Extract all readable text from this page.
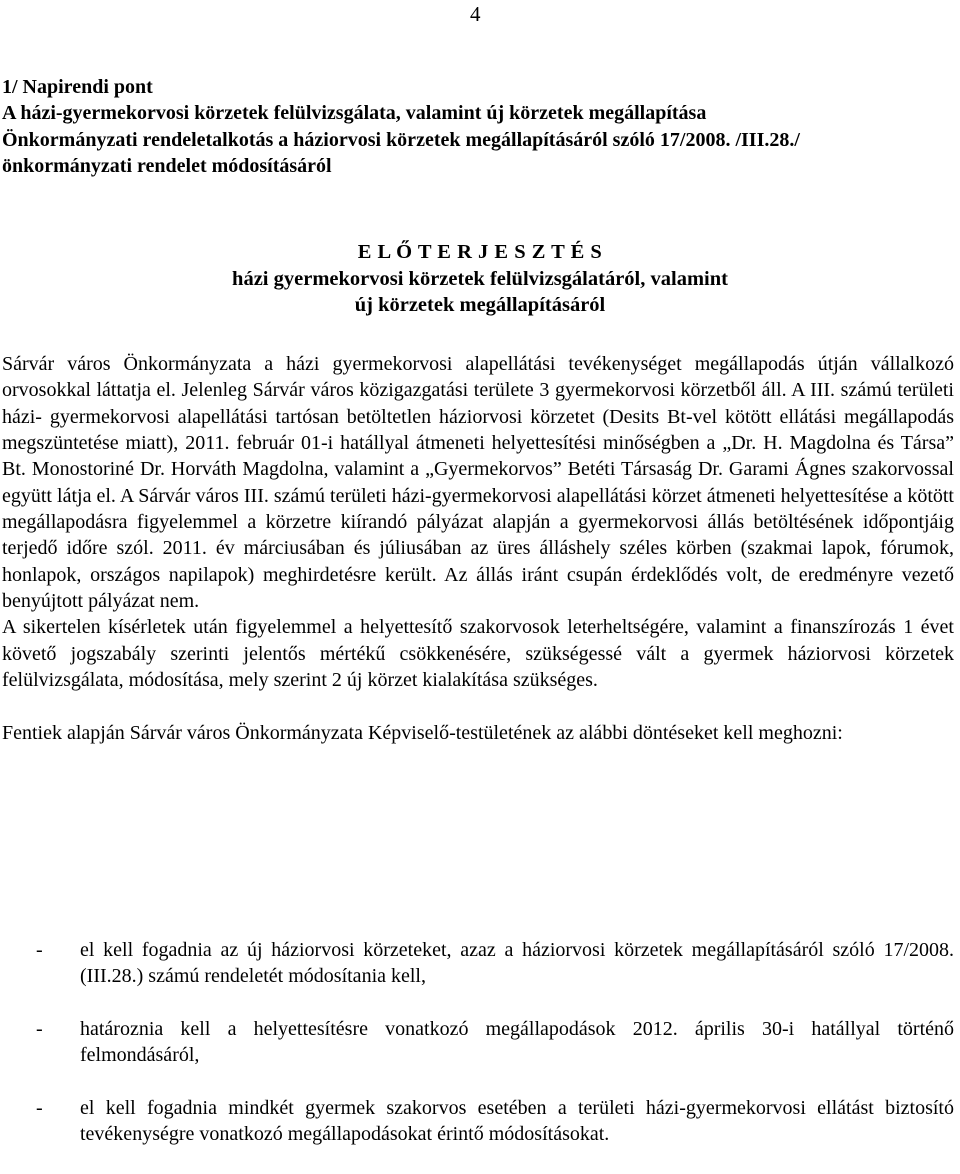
4
1/ Napirendi pont
A házi-gyermekorvosi körzetek felülvizsgálata, valamint új körzetek megállapítása
Önkormányzati rendeletalkotás a háziorvosi körzetek megállapításáról szóló 17/2008. /III.28./
önkormányzati rendelet módosításáról
E L Ő T E R J E S Z T É S
házi gyermekorvosi körzetek felülvizsgálatáról, valamint
új körzetek megállapításáról

Sárvár város Önkormányzata a házi gyermekorvosi alapellátási tevékenységet megállapodás útján vállalkozó orvosokkal láttatja el. Jelenleg Sárvár város közigazgatási területe 3 gyermekorvosi körzetből áll. A III. számú területi házi- gyermekorvosi alapellátási tartósan betöltetlen háziorvosi körzetet (Desits Bt-vel kötött ellátási megállapodás megszüntetése miatt), 2011. február 01-i hatállyal átmeneti helyettesítési minőségben a „Dr. H. Magdolna és Társa” Bt. Monostoriné Dr. Horváth Magdolna, valamint a „Gyermekorvos” Betéti Társaság Dr. Garami Ágnes szakorvossal együtt látja el. A Sárvár város III. számú területi házi-gyermekorvosi alapellátási körzet átmeneti helyettesítése a kötött megállapodásra figyelemmel a körzetre kiírandó pályázat alapján a gyermekorvosi állás betöltésének időpontjáig terjedő időre szól. 2011. év márciusában és júliusában az üres álláshely széles körben (szakmai lapok, fórumok, honlapok, országos napilapok) meghirdetésre került. Az állás iránt csupán érdeklődés volt, de eredményre vezető benyújtott pályázat nem.

A sikertelen kísérletek után figyelemmel a helyettesítő szakorvosok leterheltségére, valamint a finanszírozás 1 évet követő jogszabály szerinti jelentős mértékű csökkenésére, szükségessé vált a gyermek háziorvosi körzetek felülvizsgálata, módosítása, mely szerint 2 új körzet kialakítása szükséges.

Fentiek alapján Sárvár város Önkormányzata Képviselő-testületének az alábbi döntéseket kell meghozni:

- el kell fogadnia az új háziorvosi körzeteket, azaz a háziorvosi körzetek megállapításáról szóló 17/2008. (III.28.) számú rendeletét módosítania kell,
- határoznia kell a helyettesítésre vonatkozó megállapodások 2012. április 30-i hatállyal történő felmondásáról,
- el kell fogadnia mindkét gyermek szakorvos esetében a területi házi-gyermekorvosi ellátást biztosító tevékenységre vonatkozó megállapodásokat érintő módosításokat.
